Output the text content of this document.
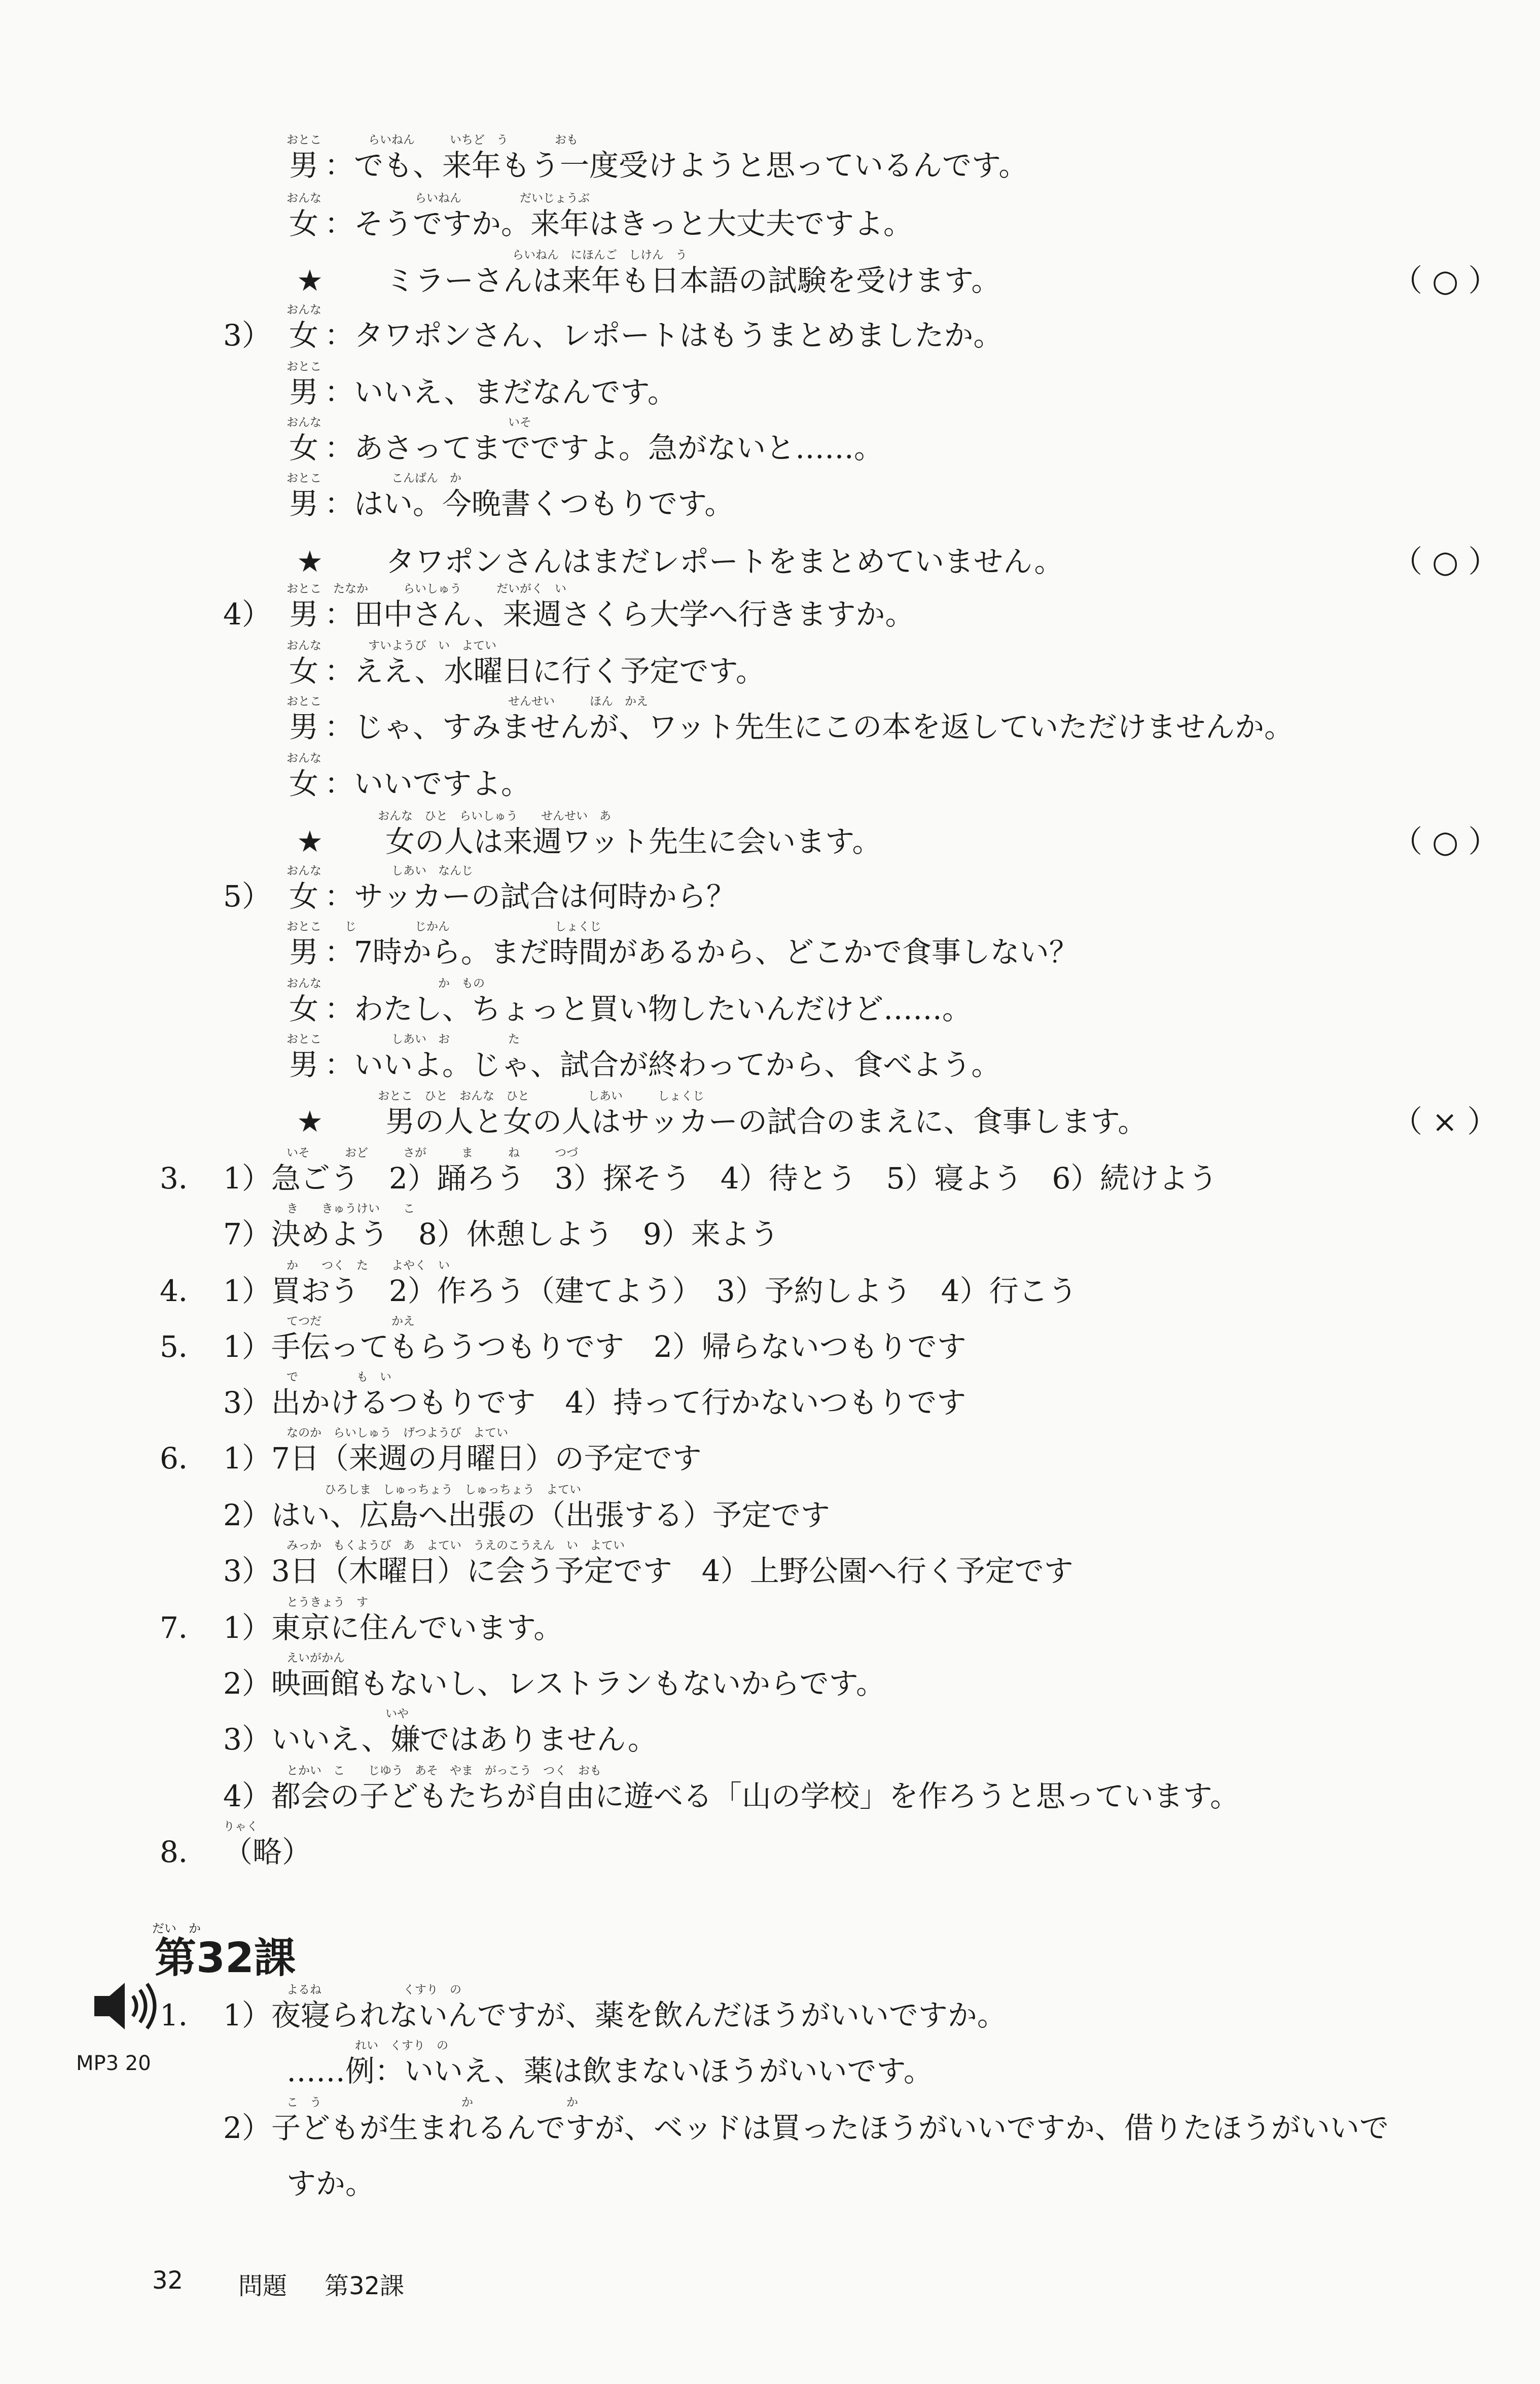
おとこ　　　　らいねん　　　いちど　う　　　　おも
男 ：でも、来年もう一度受けようと思っているんです。
おんな　　　　　　　　らいねん　　　　　だいじょうぶ
女 ：そうですか。来年はきっと大丈夫ですよ。
らいねん　にほんご　しけん　う
★ ミラーさんは来年も日本語の試験を受けます。	（ ○ ）
おんな
3） 女 ：タワポンさん、レポートはもうまとめましたか。
おとこ
男 ：いいえ、まだなんです。
おんな　　　　　　　　　　　　　　　　いそ
女 ：あさってまでですよ。急がないと……。
おとこ　　　　　　こんばん　か
男 ：はい。今晩書くつもりです。
★ タワポンさんはまだレポートをまとめていません。	（ ○ ）
おとこ　たなか　　　らいしゅう　　　だいがく　い
4） 男 ：田中さん、来週さくら大学へ行きますか。
おんな　　　　すいようび　い　よてい
女 ：ええ、水曜日に行く予定です。
おとこ　　　　　　　　　　　　　　　　せんせい　　　ほん　かえ
男 ：じゃ、すみませんが、ワット先生にこの本を返していただけませんか。
おんな
女 ：いいですよ。
おんな　ひと　らいしゅう　　せんせい　あ
★ 女の人は来週ワット先生に会います。	（ ○ ）
おんな　　　　　　しあい　なんじ
5） 女 ：サッカーの試合は何時から？
おとこ　　じ　　　　　じかん　　　　　　　　　しょくじ
男 ：7時から。まだ時間があるから、どこかで食事しない？
おんな　　　　　　　　　　か　もの
女 ：わたし、ちょっと買い物したいんだけど……。
おとこ　　　　　　しあい　お　　　　　た
男 ：いいよ。じゃ、試合が終わってから、食べよう。
おとこ　ひと　おんな　ひと　　　　　しあい　　　しょくじ
★ 男の人と女の人はサッカーの試合のまえに、食事します。	（ × ）
いそ　　　おど　　　さが　　　ま　　　ね　　　つづ
3． 1）急ごう　2）踊ろう　3）探そう　4）待とう　5）寝よう　6）続けよう
き　　きゅうけい　　こ
7）決めよう　8）休憩しよう　9）来よう
か　　つく　た　　よやく　い
4． 1）買おう　2）作ろう（建てよう）　3）予約しよう　4）行こう
てつだ　　　　　　かえ
5． 1）手伝ってもらうつもりです　2）帰らないつもりです
で　　　　　も　い
3）出かけるつもりです　4）持って行かないつもりです
なのか　らいしゅう　げつようび　よてい
6． 1）7日（来週の月曜日）の予定です
ひろしま　しゅっちょう　しゅっちょう　よてい
2）はい、広島へ出張の（出張する）予定です
みっか　もくようび　あ　よてい　うえのこうえん　い　よてい
3）3日（木曜日）に会う予定です　4）上野公園へ行く予定です
とうきょう　す
7． 1）東京に住んでいます。
えいがかん
2）映画館もないし、レストランもないからです。
いや
3）いいえ、嫌ではありません。
とかい　こ　　じゆう　あそ　やま　がっこう　つく　おも
4）都会の子どもたちが自由に遊べる「山の学校」を作ろうと思っています。
りゃく
8． （略）
だい　か
第32課
MP3 20
よるね　　　　　　　くすり　の
1． 1）夜寝られないんですが、薬を飲んだほうがいいですか。
れい　くすり　の
……例：いいえ、薬は飲まないほうがいいです。
こ　う　　　　　　　　　　　　か　　　　　　　　か
2）子どもが生まれるんですが、ベッドは買ったほうがいいですか、借りたほうがいいで
すか。
32 問題 第32課
